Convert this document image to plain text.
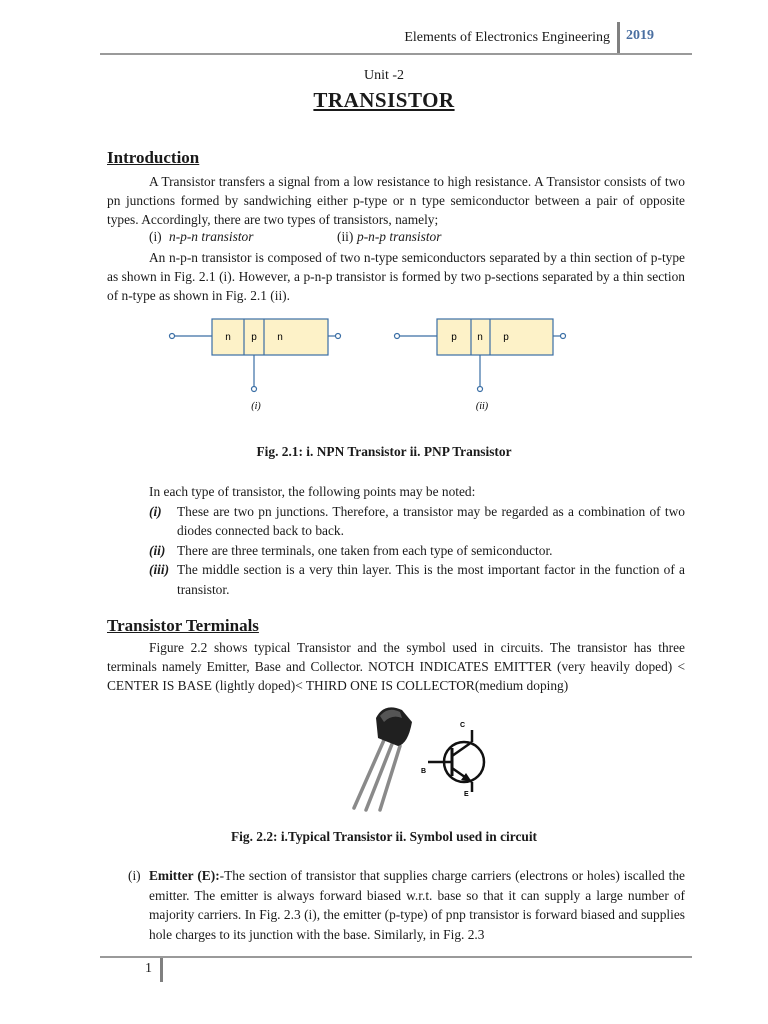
Elements of Electronics Engineering 2019
Unit -2
TRANSISTOR
Introduction

A Transistor transfers a signal from a low resistance to high resistance. A Transistor consists of two pn junctions formed by sandwiching either p-type or n type semiconductor between a pair of opposite types. Accordingly, there are two types of transistors, namely;

(i) n-p-n transistor	(ii) p-n-p transistor

An n-p-n transistor is composed of two n-type semiconductors separated by a thin section of p-type as shown in Fig. 2.1 (i). However, a p-n-p transistor is formed by two p-sections separated by a thin section of n-type as shown in Fig. 2.1 (ii).

n p n	p n p
(i)	(ii)
Fig. 2.1: i. NPN Transistor ii. PNP Transistor
In each type of transistor, the following points may be noted:
(i) These are two pn junctions. Therefore, a transistor may be regarded as a combination of two diodes connected back to back.
(ii) There are three terminals, one taken from each type of semiconductor.
(iii) The middle section is a very thin layer. This is the most important factor in the function of a transistor.
Transistor Terminals

Figure 2.2 shows typical Transistor and the symbol used in circuits. The transistor has three terminals namely Emitter, Base and Collector. NOTCH INDICATES EMITTER (very heavily doped) < CENTER IS BASE (lightly doped)< THIRD ONE IS COLLECTOR(medium doping)

C
B
E
Fig. 2.2: i.Typical Transistor ii. Symbol used in circuit
(i) Emitter (E):-The section of transistor that supplies charge carriers (electrons or holes) iscalled the emitter. The emitter is always forward biased w.r.t. base so that it can supply a large number of majority carriers. In Fig. 2.3 (i), the emitter (p-type) of pnp transistor is forward biased and supplies hole charges to its junction with the base. Similarly, in Fig. 2.3
1
